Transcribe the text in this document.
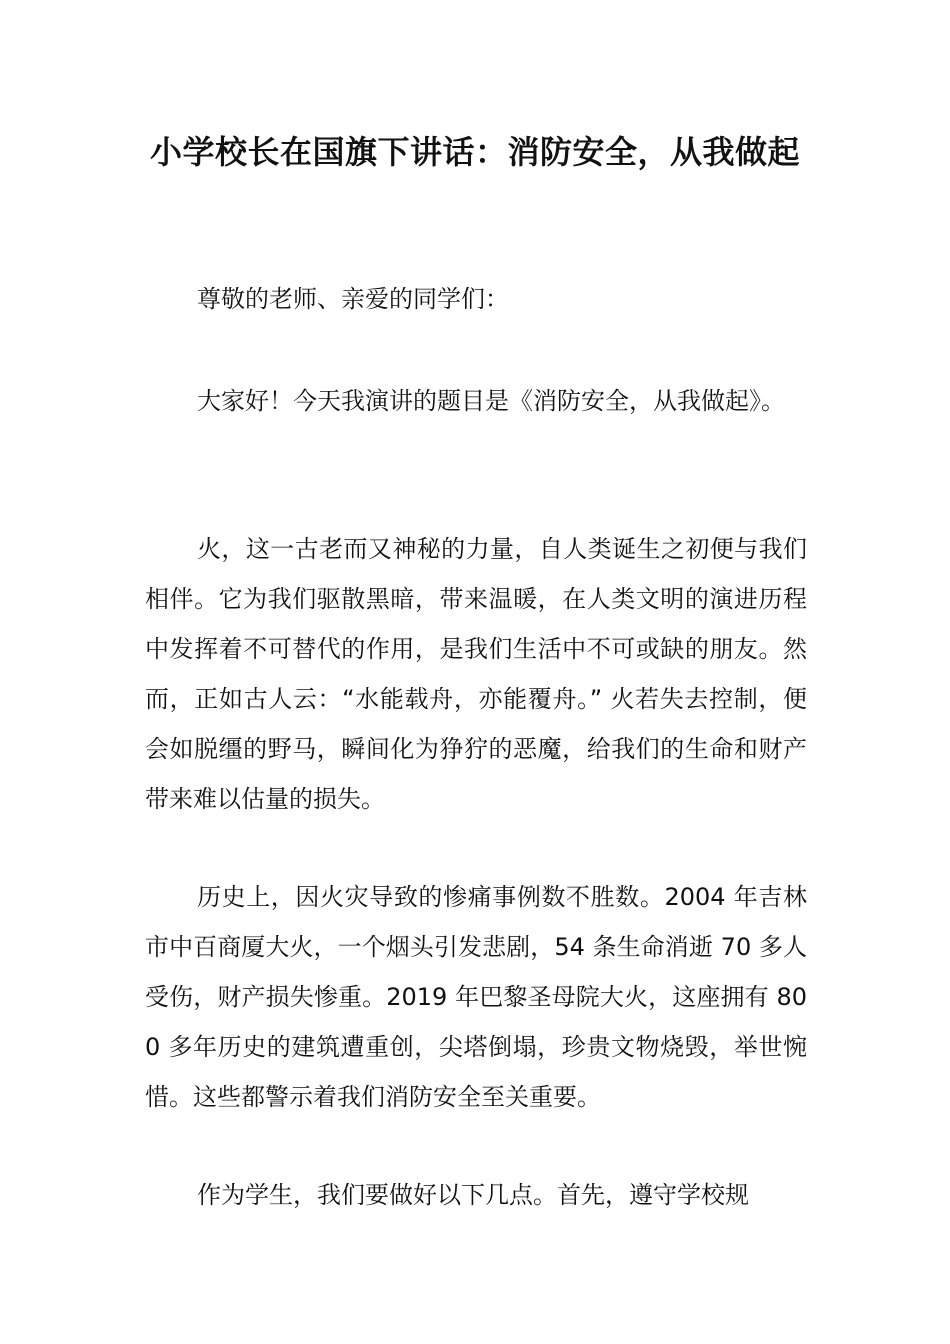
小学校长在国旗下讲话：消防安全，从我做起

尊敬的老师、亲爱的同学们：

大家好！今天我演讲的题目是《消防安全，从我做起》。

火，这一古老而又神秘的力量，自人类诞生之初便与我们相伴。它为我们驱散黑暗，带来温暖，在人类文明的演进历程中发挥着不可替代的作用，是我们生活中不可或缺的朋友。然而，正如古人云：“水能载舟，亦能覆舟。” 火若失去控制，便会如脱缰的野马，瞬间化为狰狞的恶魔，给我们的生命和财产带来难以估量的损失。

历史上，因火灾导致的惨痛事例数不胜数。2004 年吉林市中百商厦大火，一个烟头引发悲剧，54 条生命消逝 70 多人受伤，财产损失惨重。2019 年巴黎圣母院大火，这座拥有 800 多年历史的建筑遭重创，尖塔倒塌，珍贵文物烧毁，举世惋惜。这些都警示着我们消防安全至关重要。

作为学生，我们要做好以下几点。首先，遵守学校规
